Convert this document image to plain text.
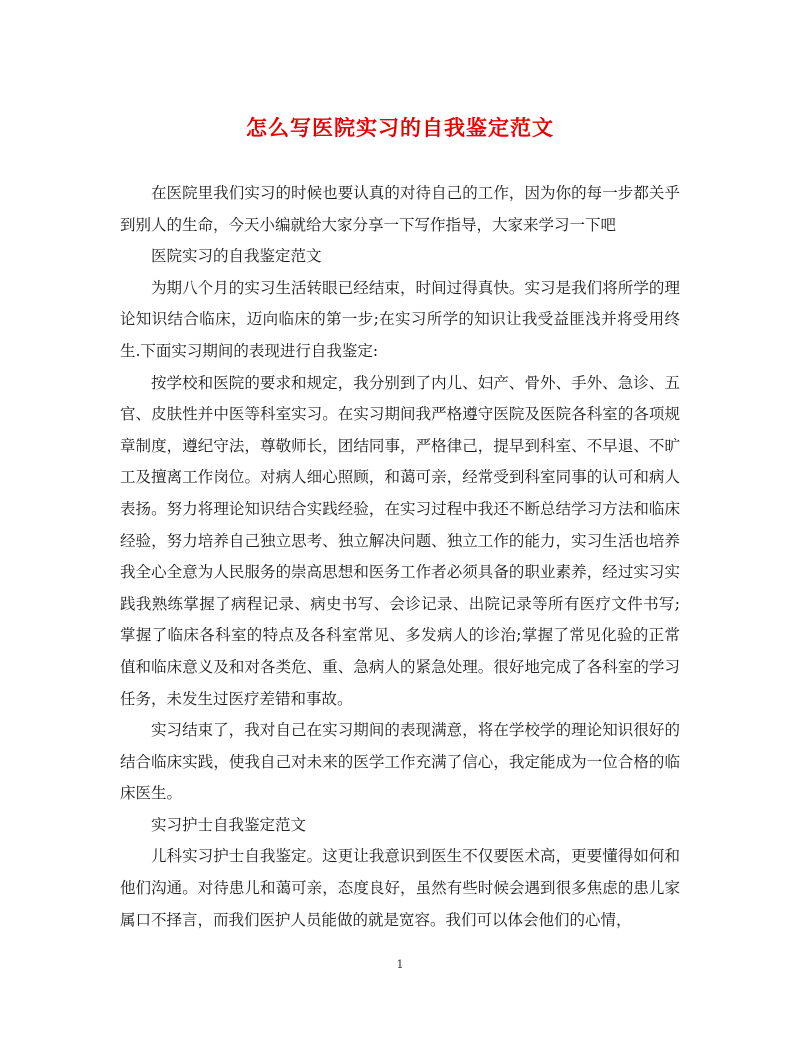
怎么写医院实习的自我鉴定范文

在医院里我们实习的时候也要认真的对待自己的工作，因为你的每一步都关乎到别人的生命，今天小编就给大家分享一下写作指导，大家来学习一下吧

医院实习的自我鉴定范文

为期八个月的实习生活转眼已经结束，时间过得真快。实习是我们将所学的理论知识结合临床，迈向临床的第一步;在实习所学的知识让我受益匪浅并将受用终生.下面实习期间的表现进行自我鉴定:

按学校和医院的要求和规定，我分别到了内儿、妇产、骨外、手外、急诊、五官、皮肤性并中医等科室实习。在实习期间我严格遵守医院及医院各科室的各项规章制度，遵纪守法，尊敬师长，团结同事，严格律己，提早到科室、不早退、不旷工及擅离工作岗位。对病人细心照顾，和蔼可亲，经常受到科室同事的认可和病人表扬。努力将理论知识结合实践经验，在实习过程中我还不断总结学习方法和临床经验，努力培养自己独立思考、独立解决问题、独立工作的能力，实习生活也培养我全心全意为人民服务的崇高思想和医务工作者必须具备的职业素养，经过实习实践我熟练掌握了病程记录、病史书写、会诊记录、出院记录等所有医疗文件书写;掌握了临床各科室的特点及各科室常见、多发病人的诊治;掌握了常见化验的正常值和临床意义及和对各类危、重、急病人的紧急处理。很好地完成了各科室的学习任务，未发生过医疗差错和事故。

实习结束了，我对自己在实习期间的表现满意，将在学校学的理论知识很好的结合临床实践，使我自己对未来的医学工作充满了信心，我定能成为一位合格的临床医生。

实习护士自我鉴定范文

儿科实习护士自我鉴定。这更让我意识到医生不仅要医术高，更要懂得如何和他们沟通。对待患儿和蔼可亲，态度良好，虽然有些时候会遇到很多焦虑的患儿家属口不择言，而我们医护人员能做的就是宽容。我们可以体会他们的心情，

1
